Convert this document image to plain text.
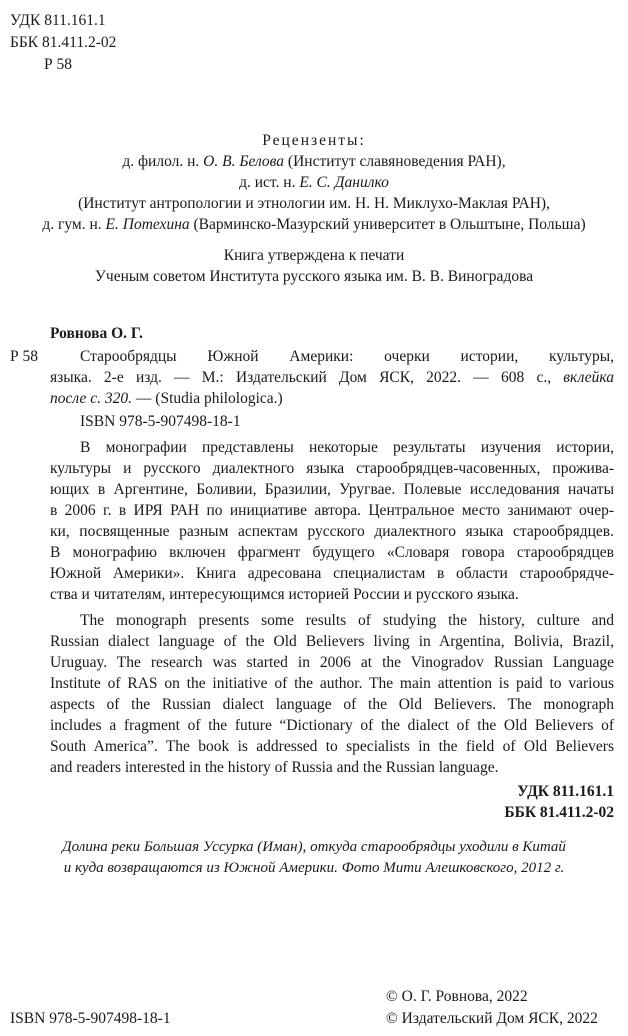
УДК 811.161.1
ББК 81.411.2-02
Р 58
Рецензенты:
д. филол. н. О. В. Белова (Институт славяноведения РАН),
д. ист. н. Е. С. Данилко
(Институт антропологии и этнологии им. Н. Н. Миклухо-Маклая РАН),
д. гум. н. Е. Потехина (Варминско-Мазурский университет в Ольштыне, Польша)
Книга утверждена к печати
Ученым советом Института русского языка им. В. В. Виноградова
Ровнова О. Г.
Р 58	Старообрядцы Южной Америки: очерки истории, культуры,
языка. 2-е изд. — М.: Издательский Дом ЯСК, 2022. — 608 с., вклейка
после с. 320. — (Studia philologica.)
ISBN 978-5-907498-18-1
В монографии представлены некоторые результаты изучения истории,
культуры и русского диалектного языка старообрядцев-часовенных, прожива-
ющих в Аргентине, Боливии, Бразилии, Уругвае. Полевые исследования начаты
в 2006 г. в ИРЯ РАН по инициативе автора. Центральное место занимают очер-
ки, посвященные разным аспектам русского диалектного языка старообрядцев.
В монографию включен фрагмент будущего «Словаря говора старообрядцев
Южной Америки». Книга адресована специалистам в области старообрядче-
ства и читателям, интересующимся историей России и русского языка.
The monograph presents some results of studying the history, culture and
Russian dialect language of the Old Believers living in Argentina, Bolivia, Brazil,
Uruguay. The research was started in 2006 at the Vinogradov Russian Language
Institute of RAS on the initiative of the author. The main attention is paid to various
aspects of the Russian dialect language of the Old Believers. The monograph
includes a fragment of the future “Dictionary of the dialect of the Old Believers of
South America”. The book is addressed to specialists in the field of Old Believers
and readers interested in the history of Russia and the Russian language.
УДК 811.161.1
ББК 81.411.2-02
Долина реки Большая Уссурка (Иман), откуда старообрядцы уходили в Китай
и куда возвращаются из Южной Америки. Фото Мити Алешковского, 2012 г.
ISBN 978-5-907498-18-1
© О. Г. Ровнова, 2022
© Издательский Дом ЯСК, 2022
